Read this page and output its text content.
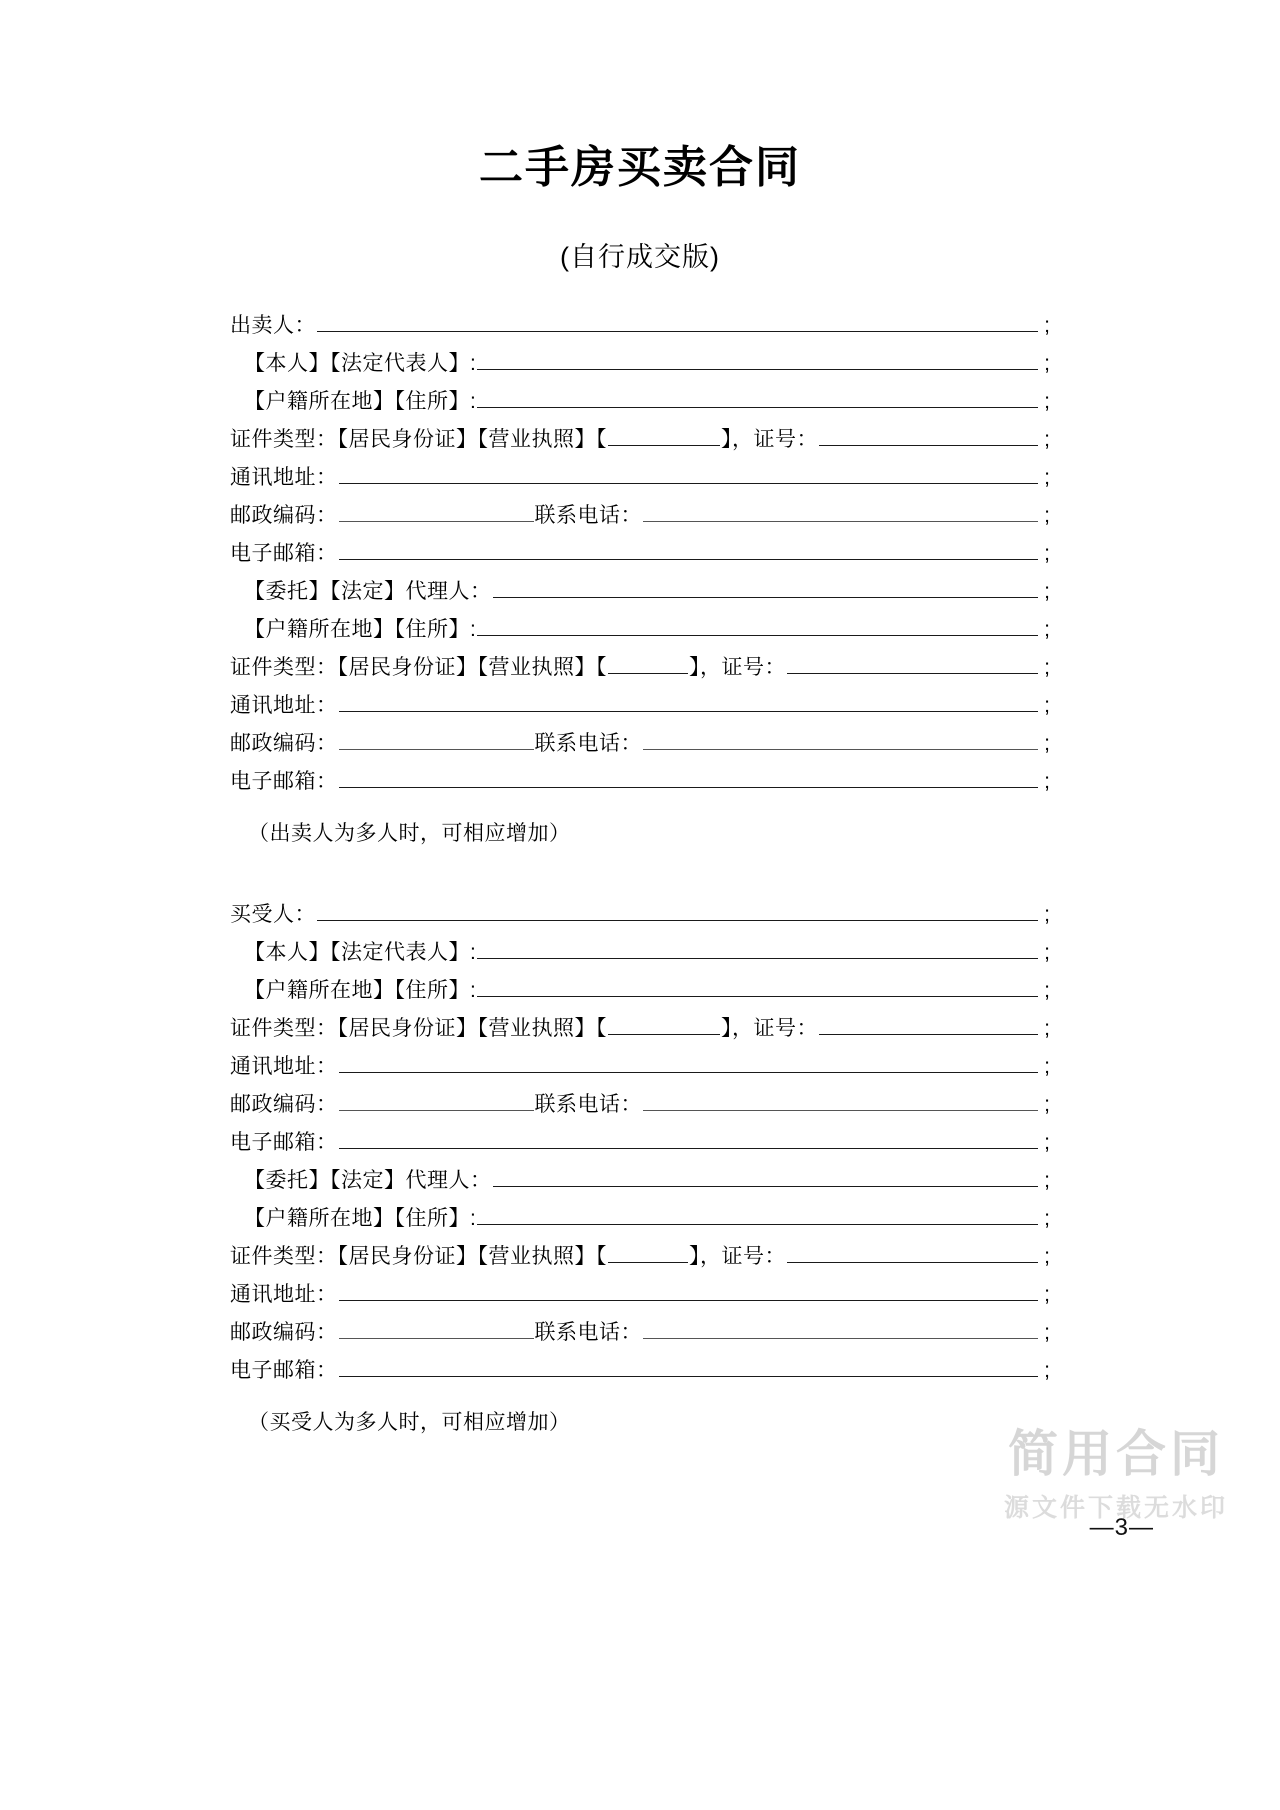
二手房买卖合同
(自行成交版)
出卖人：	;
【本人】【法定代表人】:	;
【户籍所在地】【住所】:	;
证件类型：【居民身份证】【营业执照】【	】，证号：	;
通讯地址：	;
邮政编码：	联系电话：	;
电子邮箱：	;
【委托】【法定】代理人：	;
【户籍所在地】【住所】:	;
证件类型：【居民身份证】【营业执照】【	】，证号：	;
通讯地址：	;
邮政编码：	联系电话：	;
电子邮箱：	;
（出卖人为多人时，可相应增加）
买受人：	;
【本人】【法定代表人】:	;
【户籍所在地】【住所】:	;
证件类型：【居民身份证】【营业执照】【	】，证号：	;
通讯地址：	;
邮政编码：	联系电话：	;
电子邮箱：	;
【委托】【法定】代理人：	;
【户籍所在地】【住所】:	;
证件类型：【居民身份证】【营业执照】【	】，证号：	;
通讯地址：	;
邮政编码：	联系电话：	;
电子邮箱：	;
（买受人为多人时，可相应增加）
简用合同
源文件下载无水印
—3—
